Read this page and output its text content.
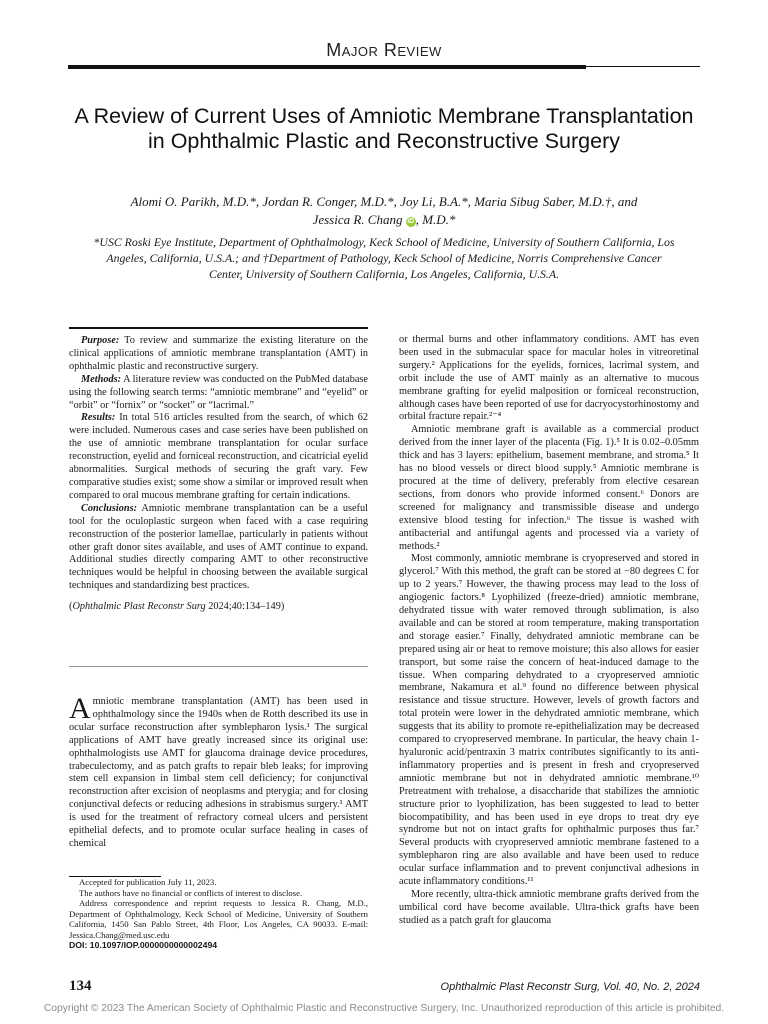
Major Review
A Review of Current Uses of Amniotic Membrane Transplantation in Ophthalmic Plastic and Reconstructive Surgery
Alomi O. Parikh, M.D.*, Jordan R. Conger, M.D.*, Joy Li, B.A.*, Maria Sibug Saber, M.D.†, and
Jessica R. Chang iD , M.D.*
*USC Roski Eye Institute, Department of Ophthalmology, Keck School of Medicine, University of Southern California, Los Angeles, California, U.S.A.; and †Department of Pathology, Keck School of Medicine, Norris Comprehensive Cancer Center, University of Southern California, Los Angeles, California, U.S.A.

Purpose: To review and summarize the existing literature on the clinical applications of amniotic membrane transplantation (AMT) in ophthalmic plastic and reconstructive surgery.

Methods: A literature review was conducted on the PubMed database using the following search terms: “amniotic membrane” and “eyelid” or “orbit” or “fornix” or “socket” or “lacrimal.”

Results: In total 516 articles resulted from the search, of which 62 were included. Numerous cases and case series have been published on the use of amniotic membrane transplantation for ocular surface reconstruction, eyelid and forniceal reconstruction, and cicatricial eyelid abnormalities. Surgical methods of securing the graft vary. Few comparative studies exist; some show a similar or improved result when compared to oral mucous membrane grafting for certain indications.

Conclusions: Amniotic membrane transplantation can be a useful tool for the oculoplastic surgeon when faced with a case requiring reconstruction of the posterior lamellae, particularly in patients without other graft donor sites available, and uses of AMT continue to expand. Additional studies directly comparing AMT to other reconstructive techniques would be helpful in choosing between the available surgical techniques and standardizing best practices.

(Ophthalmic Plast Reconstr Surg 2024;40:134–149)

Amniotic membrane transplantation (AMT) has been used in ophthalmology since the 1940s when de Rotth described its use in ocular surface reconstruction after symblepharon lysis.¹ The surgical applications of AMT have greatly increased since its original use: ophthalmologists use AMT for glaucoma drainage device procedures, trabeculectomy, and as patch grafts to repair bleb leaks; for improving stem cell expansion in limbal stem cell deficiency; for conjunctival reconstruction after excision of neoplasms and pterygia; and for closing conjunctival defects or reducing adhesions in strabismus surgery.¹ AMT is used for the treatment of refractory corneal ulcers and persistent epithelial defects, and to promote ocular surface healing in cases of chemical

Accepted for publication July 11, 2023.

The authors have no financial or conflicts of interest to disclose.

Address correspondence and reprint requests to Jessica R. Chang, M.D., Department of Ophthalmology, Keck School of Medicine, University of Southern California, 1450 San Pablo Street, 4th Floor, Los Angeles, CA 90033. E-mail: Jessica.Chang@med.usc.edu

DOI: 10.1097/IOP.0000000000002494

or thermal burns and other inflammatory conditions. AMT has even been used in the submacular space for macular holes in vitreoretinal surgery.² Applications for the eyelids, fornices, lacrimal system, and orbit include the use of AMT mainly as an alternative to mucous membrane grafting for eyelid malposition or forniceal reconstruction, although cases have been reported of use for dacryocystorhinostomy and orbital fracture repair.²⁻⁴

Amniotic membrane graft is available as a commercial product derived from the inner layer of the placenta (Fig. 1).⁵ It is 0.02–0.05mm thick and has 3 layers: epithelium, basement membrane, and stroma.⁵ It has no blood vessels or direct blood supply.⁵ Amniotic membrane is procured at the time of delivery, preferably from elective cesarean sections, from donors who provide informed consent.⁶ Donors are screened for malignancy and transmissible disease and undergo extensive blood testing for infection.⁶ The tissue is washed with antibacterial and antifungal agents and processed via a variety of methods.²

Most commonly, amniotic membrane is cryopreserved and stored in glycerol.⁷ With this method, the graft can be stored at −80 degrees C for up to 2 years.⁷ However, the thawing process may lead to the loss of angiogenic factors.⁸ Lyophilized (freeze-dried) amniotic membrane, dehydrated tissue with water removed through sublimation, is also available and can be stored at room temperature, making transportation and storage easier.⁷ Finally, dehydrated amniotic membrane can be prepared using air or heat to remove moisture; this also allows for easier transport, but some raise the concern of heat-induced damage to the tissue. When comparing dehydrated to a cryopreserved amniotic membrane, Nakamura et al.⁹ found no difference between physical resistance and tissue structure. However, levels of growth factors and total protein were lower in the dehydrated amniotic membrane, which suggests that its ability to promote re-epithelialization may be decreased compared to cryopreserved membrane. In particular, the heavy chain 1-hyaluronic acid/pentraxin 3 matrix contributes significantly to its anti-inflammatory properties and is present in fresh and cryopreserved amniotic membrane but not in dehydrated amniotic membrane.¹⁰ Pretreatment with trehalose, a disaccharide that stabilizes the amniotic structure prior to lyophilization, has been suggested to lead to better biocompatibility, and has been used in eye drops to treat dry eye syndrome but not on intact grafts for ophthalmic purposes thus far.⁷ Several products with cryopreserved amniotic membrane fastened to a symblepharon ring are also available and have been used to reduce ocular surface inflammation and to prevent conjunctival adhesions in acute inflammatory conditions.¹¹

More recently, ultra-thick amniotic membrane grafts derived from the umbilical cord have become available. Ultra-thick grafts have been studied as a patch graft for glaucoma

134	Ophthalmic Plast Reconstr Surg, Vol. 40, No. 2, 2024
Copyright © 2023 The American Society of Ophthalmic Plastic and Reconstructive Surgery, Inc. Unauthorized reproduction of this article is prohibited.
